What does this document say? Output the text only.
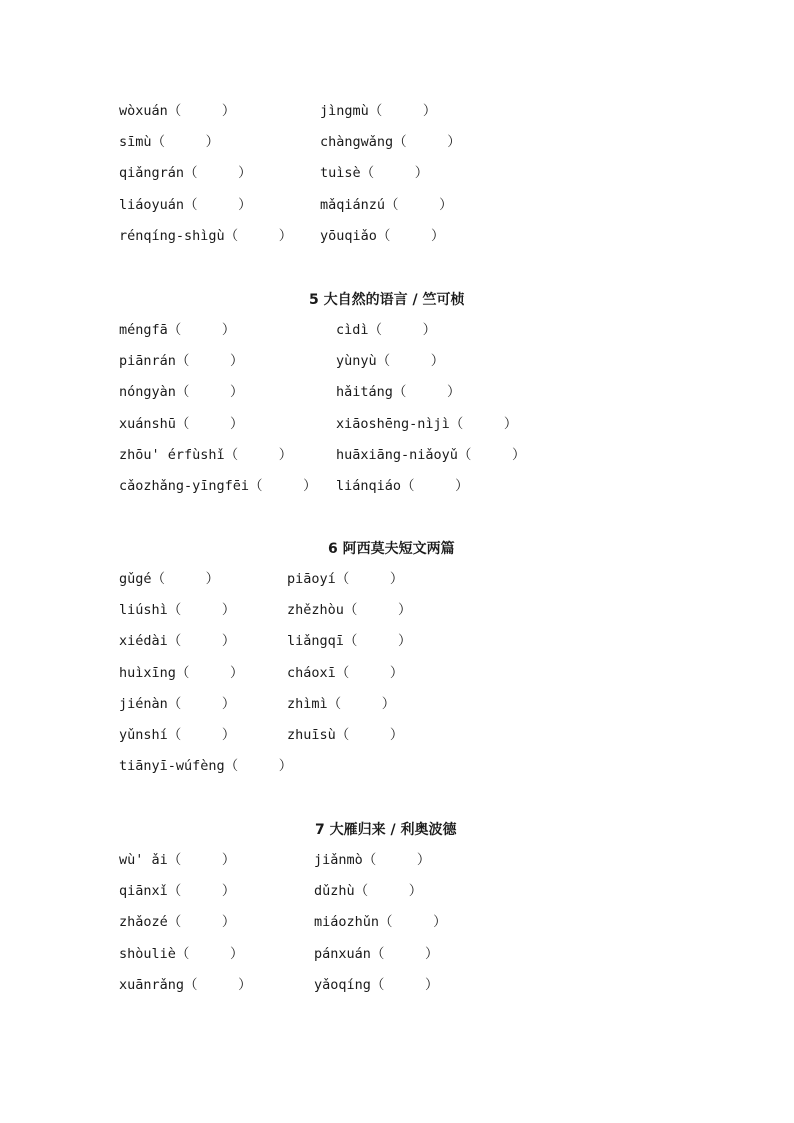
wòxuán（     ）	jìngmù（     ）
sīmù（     ）	chàngwǎng（     ）
qiǎngrán（     ）	tuìsè（     ）
liáoyuán（     ）	mǎqiánzú（     ）
rénqíng-shìgù（     ） yōuqiǎo（     ）
5 大自然的语言 / 竺可桢
méngfā（     ）	cìdì（     ）
piānrán（     ）	yùnyù（     ）
nóngyàn（     ）	hǎitáng（     ）
xuánshū（     ）	xiāoshēng-nìjì（     ）
zhōu' érfùshǐ（     ）	huāxiāng-niǎoyǔ（     ）
cǎozhǎng-yīngfēi（     ） liánqiáo（     ）
6 阿西莫夫短文两篇
gǔgé（     ）	piāoyí（     ）
liúshì（     ）	zhězhòu（     ）
xiédài（     ）	liǎngqī（     ）
huìxīng（     ）	cháoxī（     ）
jiénàn（     ）	zhìmì（     ）
yǔnshí（     ）	zhuīsù（     ）
tiānyī-wúfèng（     ）
7 大雁归来 / 利奥波德
wù' ǎi（     ）	jiǎnmò（     ）
qiānxǐ（     ）	dǔzhù（     ）
zhǎozé（     ）	miáozhǔn（     ）
shòuliè（     ）	pánxuán（     ）
xuānrǎng（     ）	yǎoqíng（     ）
